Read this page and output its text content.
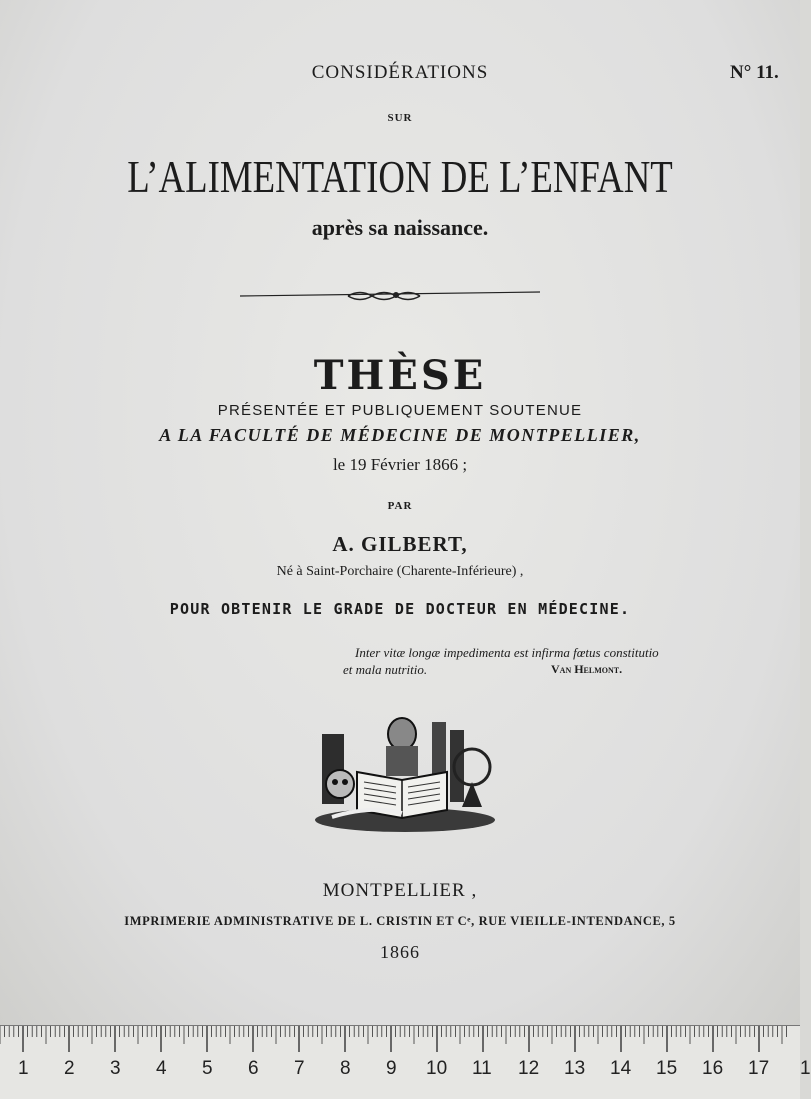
N° 11.
CONSIDÉRATIONS
SUR
L’ALIMENTATION DE L’ENFANT
après sa naissance.
THÈSE
PRÉSENTÉE ET PUBLIQUEMENT SOUTENUE
A LA FACULTÉ DE MÉDECINE DE MONTPELLIER,
le 19 Février 1866 ;
PAR
A. GILBERT,
Né à Saint-Porchaire (Charente-Inférieure) ,
POUR OBTENIR LE GRADE DE DOCTEUR EN MÉDECINE.
Inter vitæ longæ impedimenta est infirma fœtus constitutio
et mala nutritio.	Van Helmont.
MONTPELLIER ,
IMPRIMERIE ADMINISTRATIVE DE L. CRISTIN ET Cᵉ, RUE VIEILLE-INTENDANCE, 5
1866
1 2 3 4 5 6 7 8 9 10 11 12 13 14 15 16 17 1
